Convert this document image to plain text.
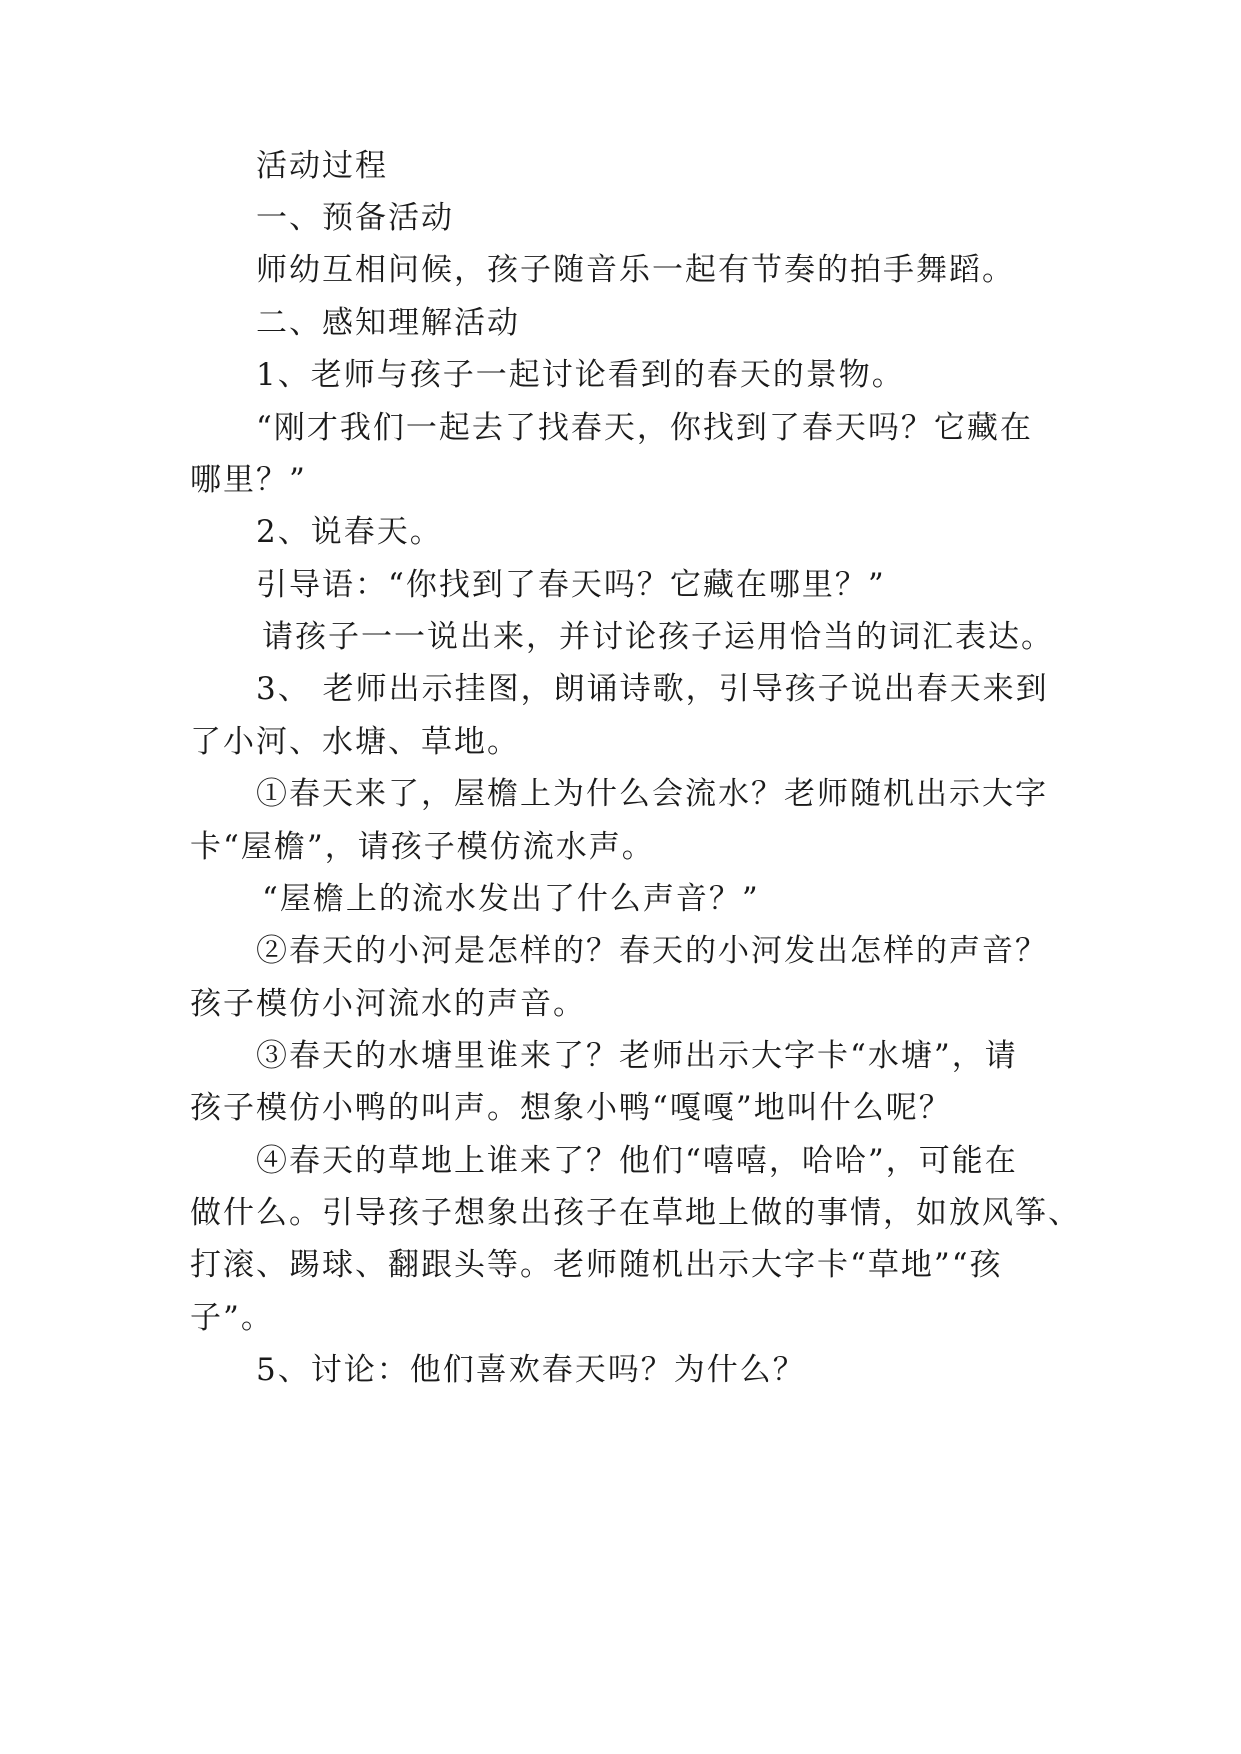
活动过程
一、预备活动
师幼互相问候，孩子随音乐一起有节奏的拍手舞蹈。
二、感知理解活动
1、老师与孩子一起讨论看到的春天的景物。
“刚才我们一起去了找春天，你找到了春天吗？它藏在
哪里？”
2、说春天。
引导语：“你找到了春天吗？它藏在哪里？”
请孩子一一说出来，并讨论孩子运用恰当的词汇表达。
3、 老师出示挂图，朗诵诗歌，引导孩子说出春天来到
了小河、水塘、草地。
①春天来了，屋檐上为什么会流水？老师随机出示大字
卡“屋檐”，请孩子模仿流水声。
“屋檐上的流水发出了什么声音？”
②春天的小河是怎样的？春天的小河发出怎样的声音？
孩子模仿小河流水的声音。
③春天的水塘里谁来了？老师出示大字卡“水塘”，请
孩子模仿小鸭的叫声。想象小鸭“嘎嘎”地叫什么呢？
④春天的草地上谁来了？他们“嘻嘻，哈哈”，可能在
做什么。引导孩子想象出孩子在草地上做的事情，如放风筝、
打滚、踢球、翻跟头等。老师随机出示大字卡“草地”“孩
子”。
5、讨论：他们喜欢春天吗？为什么？
